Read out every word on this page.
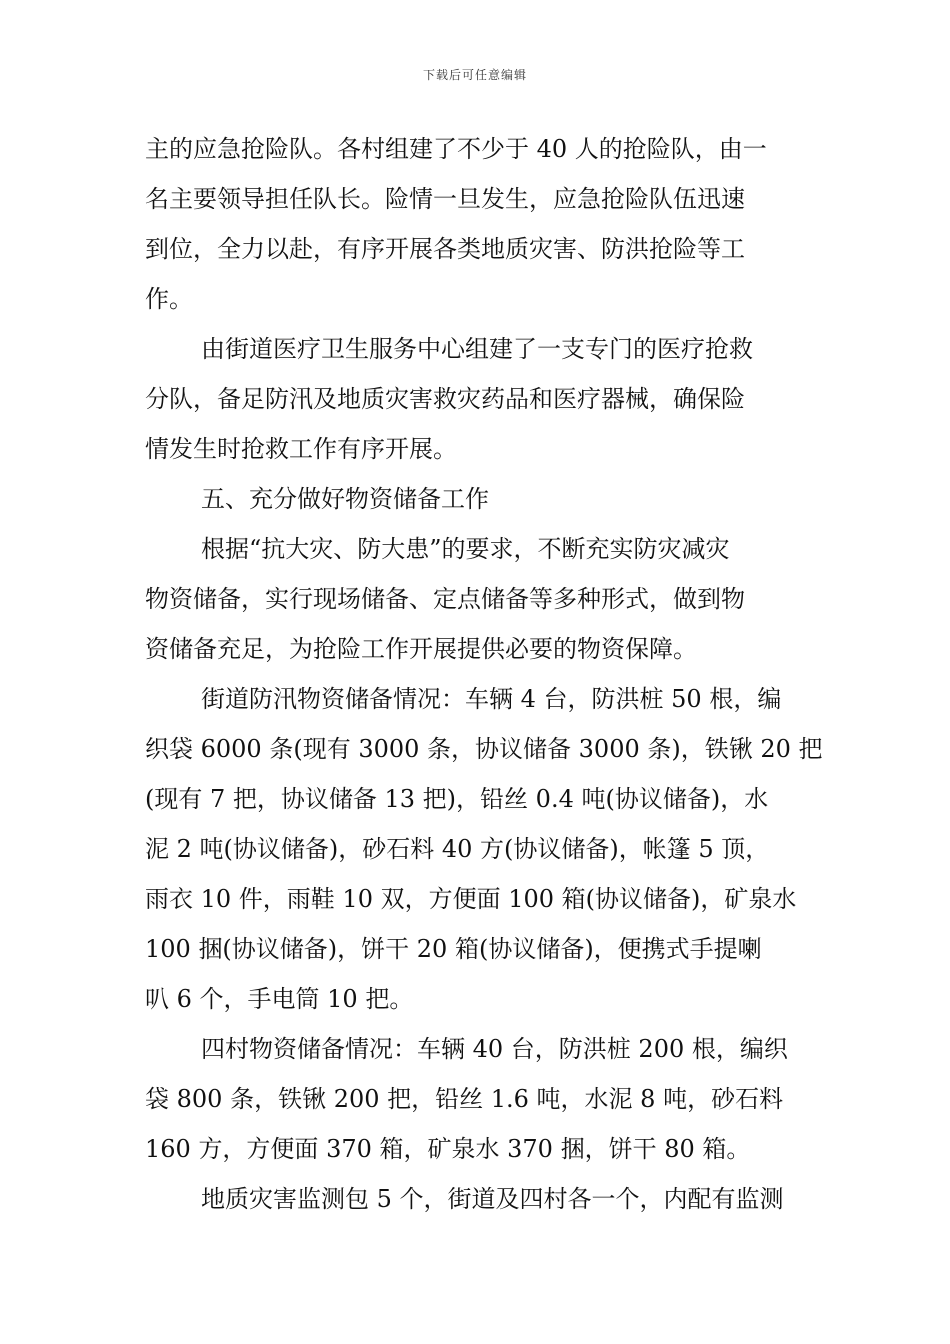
下载后可任意编辑

主的应急抢险队。各村组建了不少于 40 人的抢险队，由一
名主要领导担任队长。险情一旦发生，应急抢险队伍迅速
到位，全力以赴，有序开展各类地质灾害、防洪抢险等工
作。

由街道医疗卫生服务中心组建了一支专门的医疗抢救
分队，备足防汛及地质灾害救灾药品和医疗器械，确保险
情发生时抢救工作有序开展。

五、充分做好物资储备工作

根据“抗大灾、防大患”的要求，不断充实防灾减灾
物资储备，实行现场储备、定点储备等多种形式，做到物
资储备充足，为抢险工作开展提供必要的物资保障。

街道防汛物资储备情况：车辆 4 台，防洪桩 50 根，编
织袋 6000 条(现有 3000 条，协议储备 3000 条)，铁锹 20 把
(现有 7 把，协议储备 13 把)，铅丝 0.4 吨(协议储备)，水
泥 2 吨(协议储备)，砂石料 40 方(协议储备)，帐篷 5 顶，
雨衣 10 件，雨鞋 10 双，方便面 100 箱(协议储备)，矿泉水
100 捆(协议储备)，饼干 20 箱(协议储备)，便携式手提喇
叭 6 个，手电筒 10 把。

四村物资储备情况：车辆 40 台，防洪桩 200 根，编织
袋 800 条，铁锹 200 把，铅丝 1.6 吨，水泥 8 吨，砂石料
160 方，方便面 370 箱，矿泉水 370 捆，饼干 80 箱。

地质灾害监测包 5 个，街道及四村各一个，内配有监测
